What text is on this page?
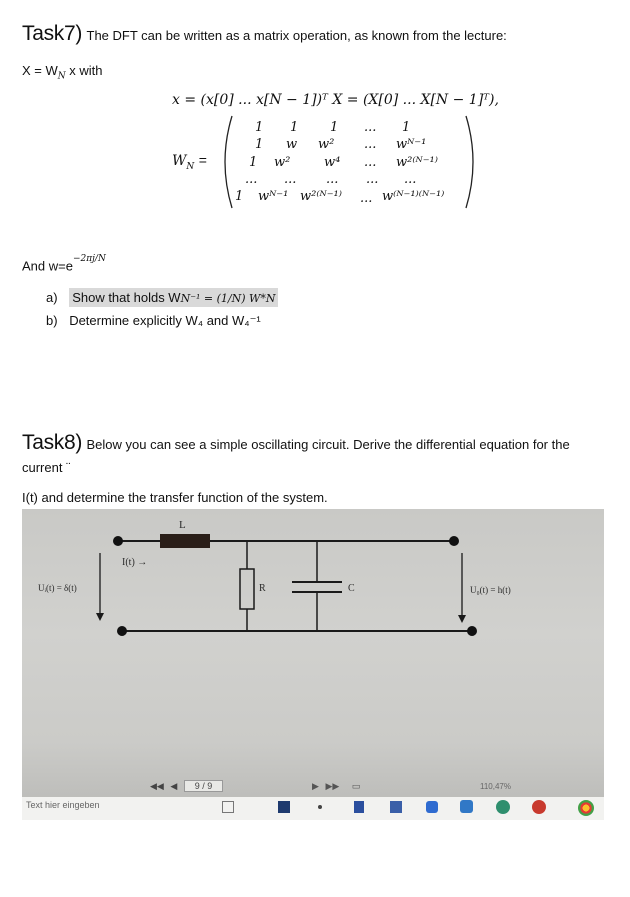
Task7) The DFT can be written as a matrix operation, as known from the lecture:
$X = W_N$ x with
x = (x[0] ... x[N − 1])ᵀ X = (X[0] ... X[N − 1]ᵀ),
$W_N$ =
1 1 1 ... 1
1 w w² ... wᴺ⁻¹
1 w²	w⁴ ... w²⁽ᴺ⁻¹⁾
... ... ... ... ...
1 wᴺ⁻¹ w²⁽ᴺ⁻¹⁾ ... w⁽ᴺ⁻¹⁾⁽ᴺ⁻¹⁾
And $w=e^{-2\pi j/N}$
a) Show that holds WN⁻¹ = (1/N) W*N
b) Determine explicitly W₄ and W₄⁻¹
Task8) Below you can see a simple oscillating circuit. Derive the differential equation for the
current ¨
I(t) and determine the transfer function of the system.
L
I(t) →
Uᵢ(t) = δ(t)	R	C	U₀(t) = h(t)
◀◀ ◀ 9 / 9	▶ ▶▶ ▭	110,47%
Text hier eingeben
